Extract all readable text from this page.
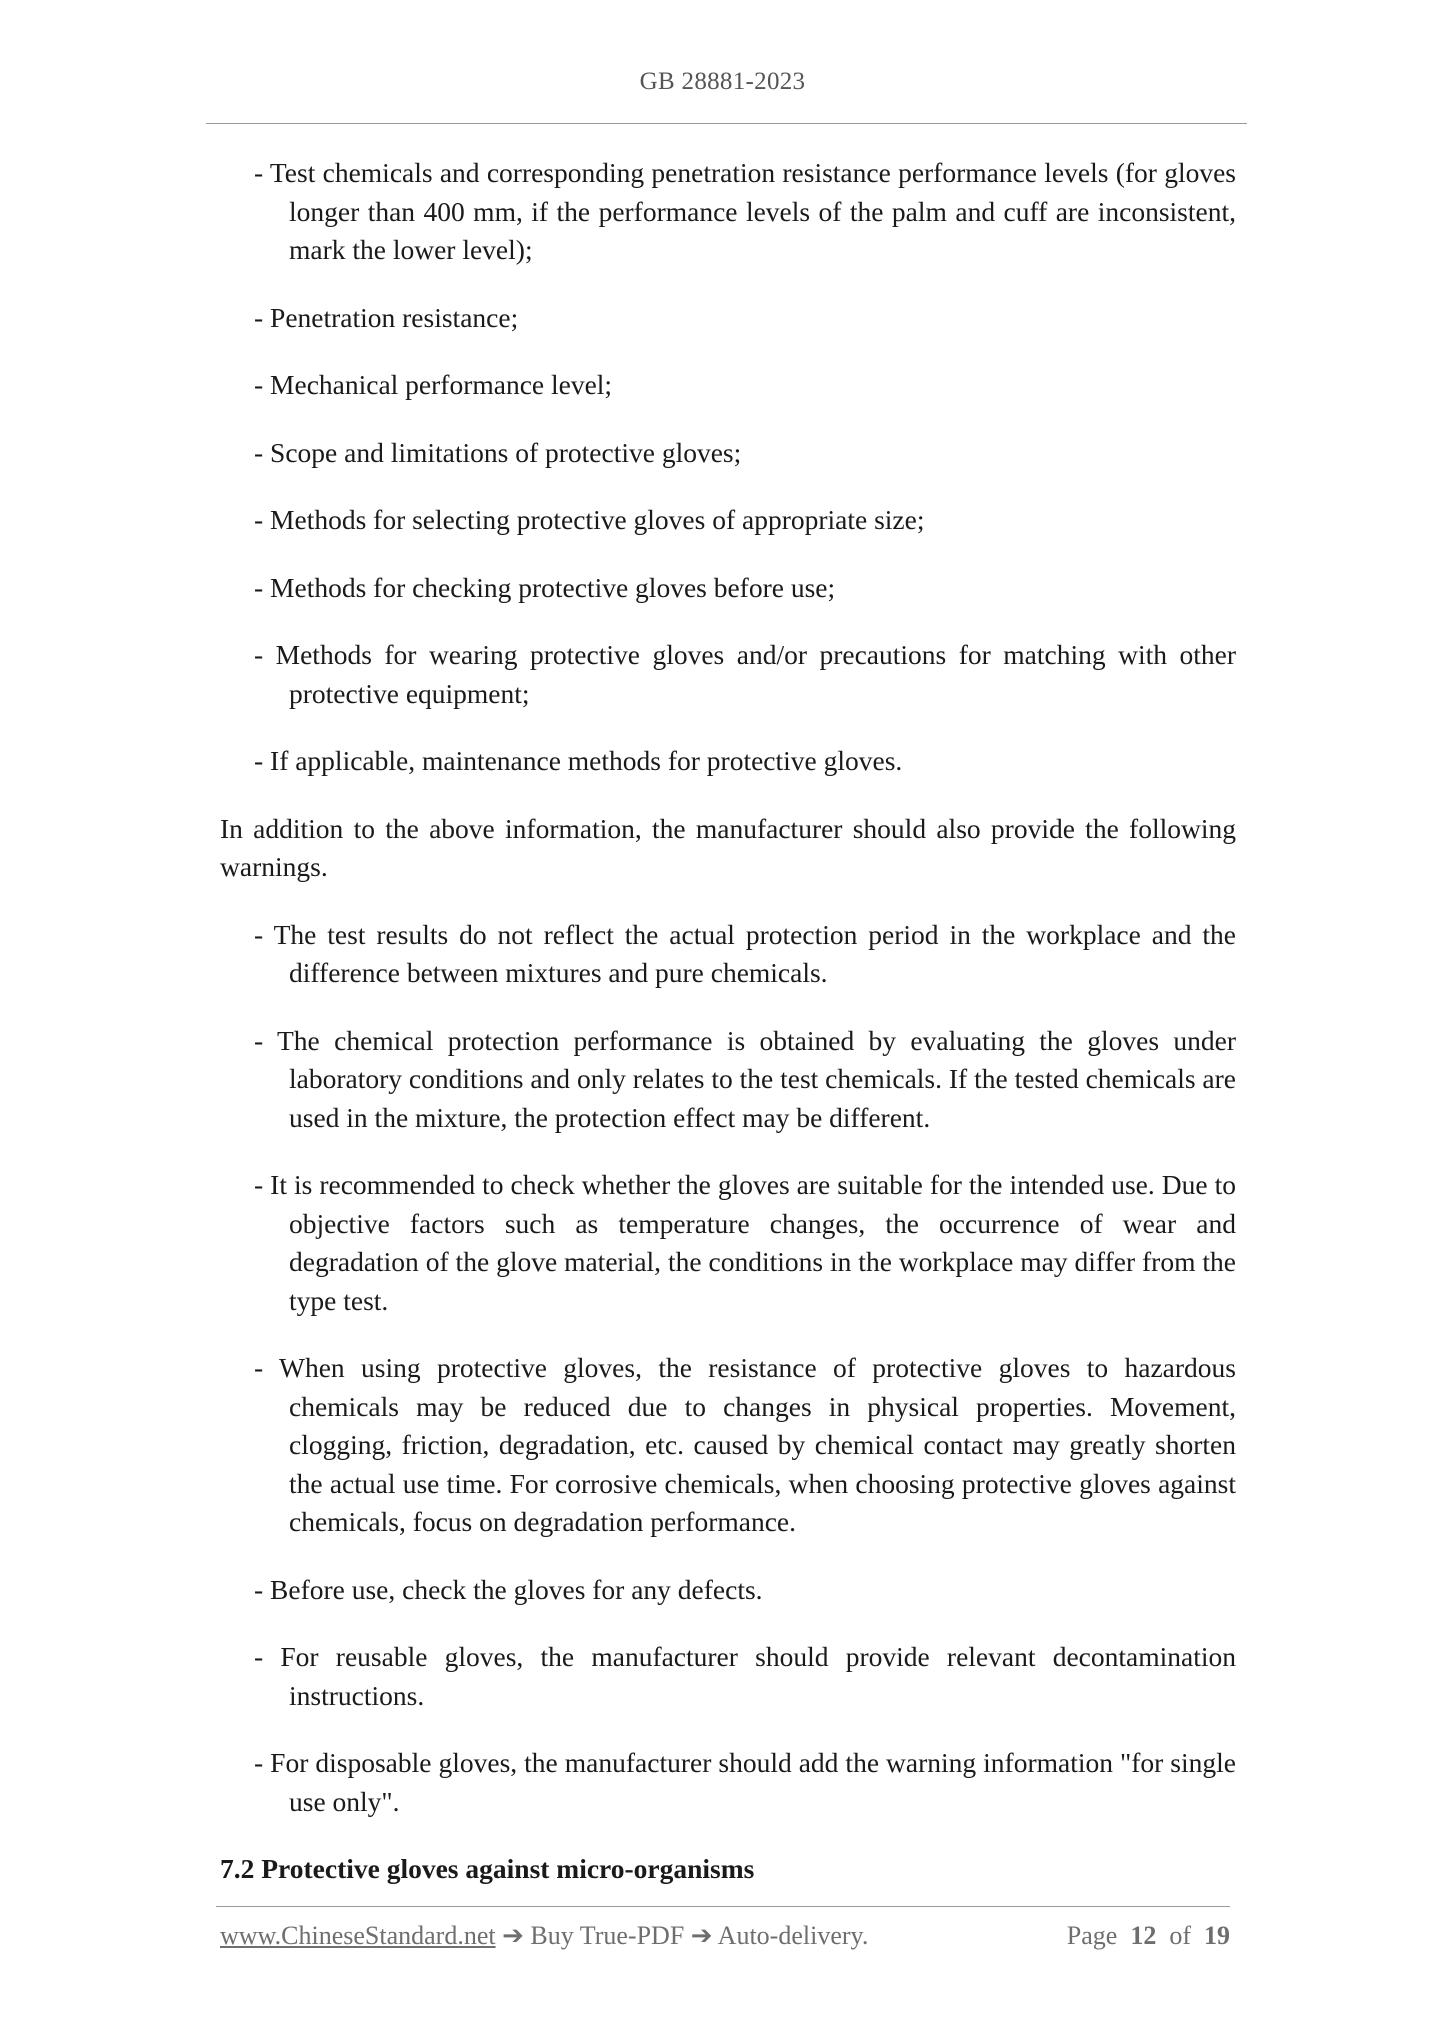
GB 28881-2023
- Test chemicals and corresponding penetration resistance performance levels (for gloves longer than 400 mm, if the performance levels of the palm and cuff are inconsistent, mark the lower level);
- Penetration resistance;
- Mechanical performance level;
- Scope and limitations of protective gloves;
- Methods for selecting protective gloves of appropriate size;
- Methods for checking protective gloves before use;
- Methods for wearing protective gloves and/or precautions for matching with other protective equipment;
- If applicable, maintenance methods for protective gloves.
In addition to the above information, the manufacturer should also provide the following warnings.
- The test results do not reflect the actual protection period in the workplace and the difference between mixtures and pure chemicals.
- The chemical protection performance is obtained by evaluating the gloves under laboratory conditions and only relates to the test chemicals. If the tested chemicals are used in the mixture, the protection effect may be different.
- It is recommended to check whether the gloves are suitable for the intended use. Due to objective factors such as temperature changes, the occurrence of wear and degradation of the glove material, the conditions in the workplace may differ from the type test.
- When using protective gloves, the resistance of protective gloves to hazardous chemicals may be reduced due to changes in physical properties. Movement, clogging, friction, degradation, etc. caused by chemical contact may greatly shorten the actual use time. For corrosive chemicals, when choosing protective gloves against chemicals, focus on degradation performance.
- Before use, check the gloves for any defects.
- For reusable gloves, the manufacturer should provide relevant decontamination instructions.
- For disposable gloves, the manufacturer should add the warning information "for single use only".
7.2 Protective gloves against micro-organisms
www.ChineseStandard.net ➔ Buy True-PDF ➔ Auto-delivery.	Page 12 of 19
